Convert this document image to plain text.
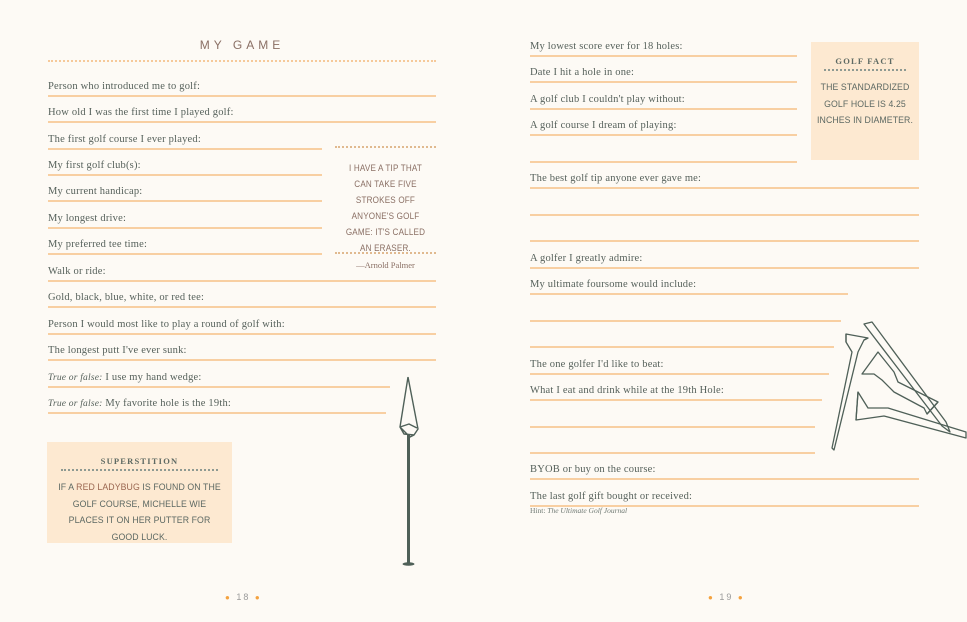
MY GAME
Person who introduced me to golf:
How old I was the first time I played golf:
The first golf course I ever played:
My first golf club(s):
My current handicap:
My longest drive:
My preferred tee time:
Walk or ride:
Gold, black, blue, white, or red tee:
Person I would most like to play a round of golf with:
The longest putt I've ever sunk:
True or false: I use my hand wedge:
True or false: My favorite hole is the 19th:
I HAVE A TIP THAT CAN TAKE FIVE STROKES OFF ANYONE'S GOLF GAME: IT'S CALLED AN ERASER.
—Arnold Palmer
SUPERSTITION
IF A RED LADYBUG IS FOUND ON THE GOLF COURSE, MICHELLE WIE PLACES IT ON HER PUTTER FOR GOOD LUCK.
● 18 ●
My lowest score ever for 18 holes:
Date I hit a hole in one:
A golf club I couldn't play without:
A golf course I dream of playing:
The best golf tip anyone ever gave me:
A golfer I greatly admire:
My ultimate foursome would include:
The one golfer I'd like to beat:
What I eat and drink while at the 19th Hole:
BYOB or buy on the course:
The last golf gift bought or received:
Hint: The Ultimate Golf Journal
GOLF FACT
THE STANDARDIZED GOLF HOLE IS 4.25 INCHES IN DIAMETER.
● 19 ●
